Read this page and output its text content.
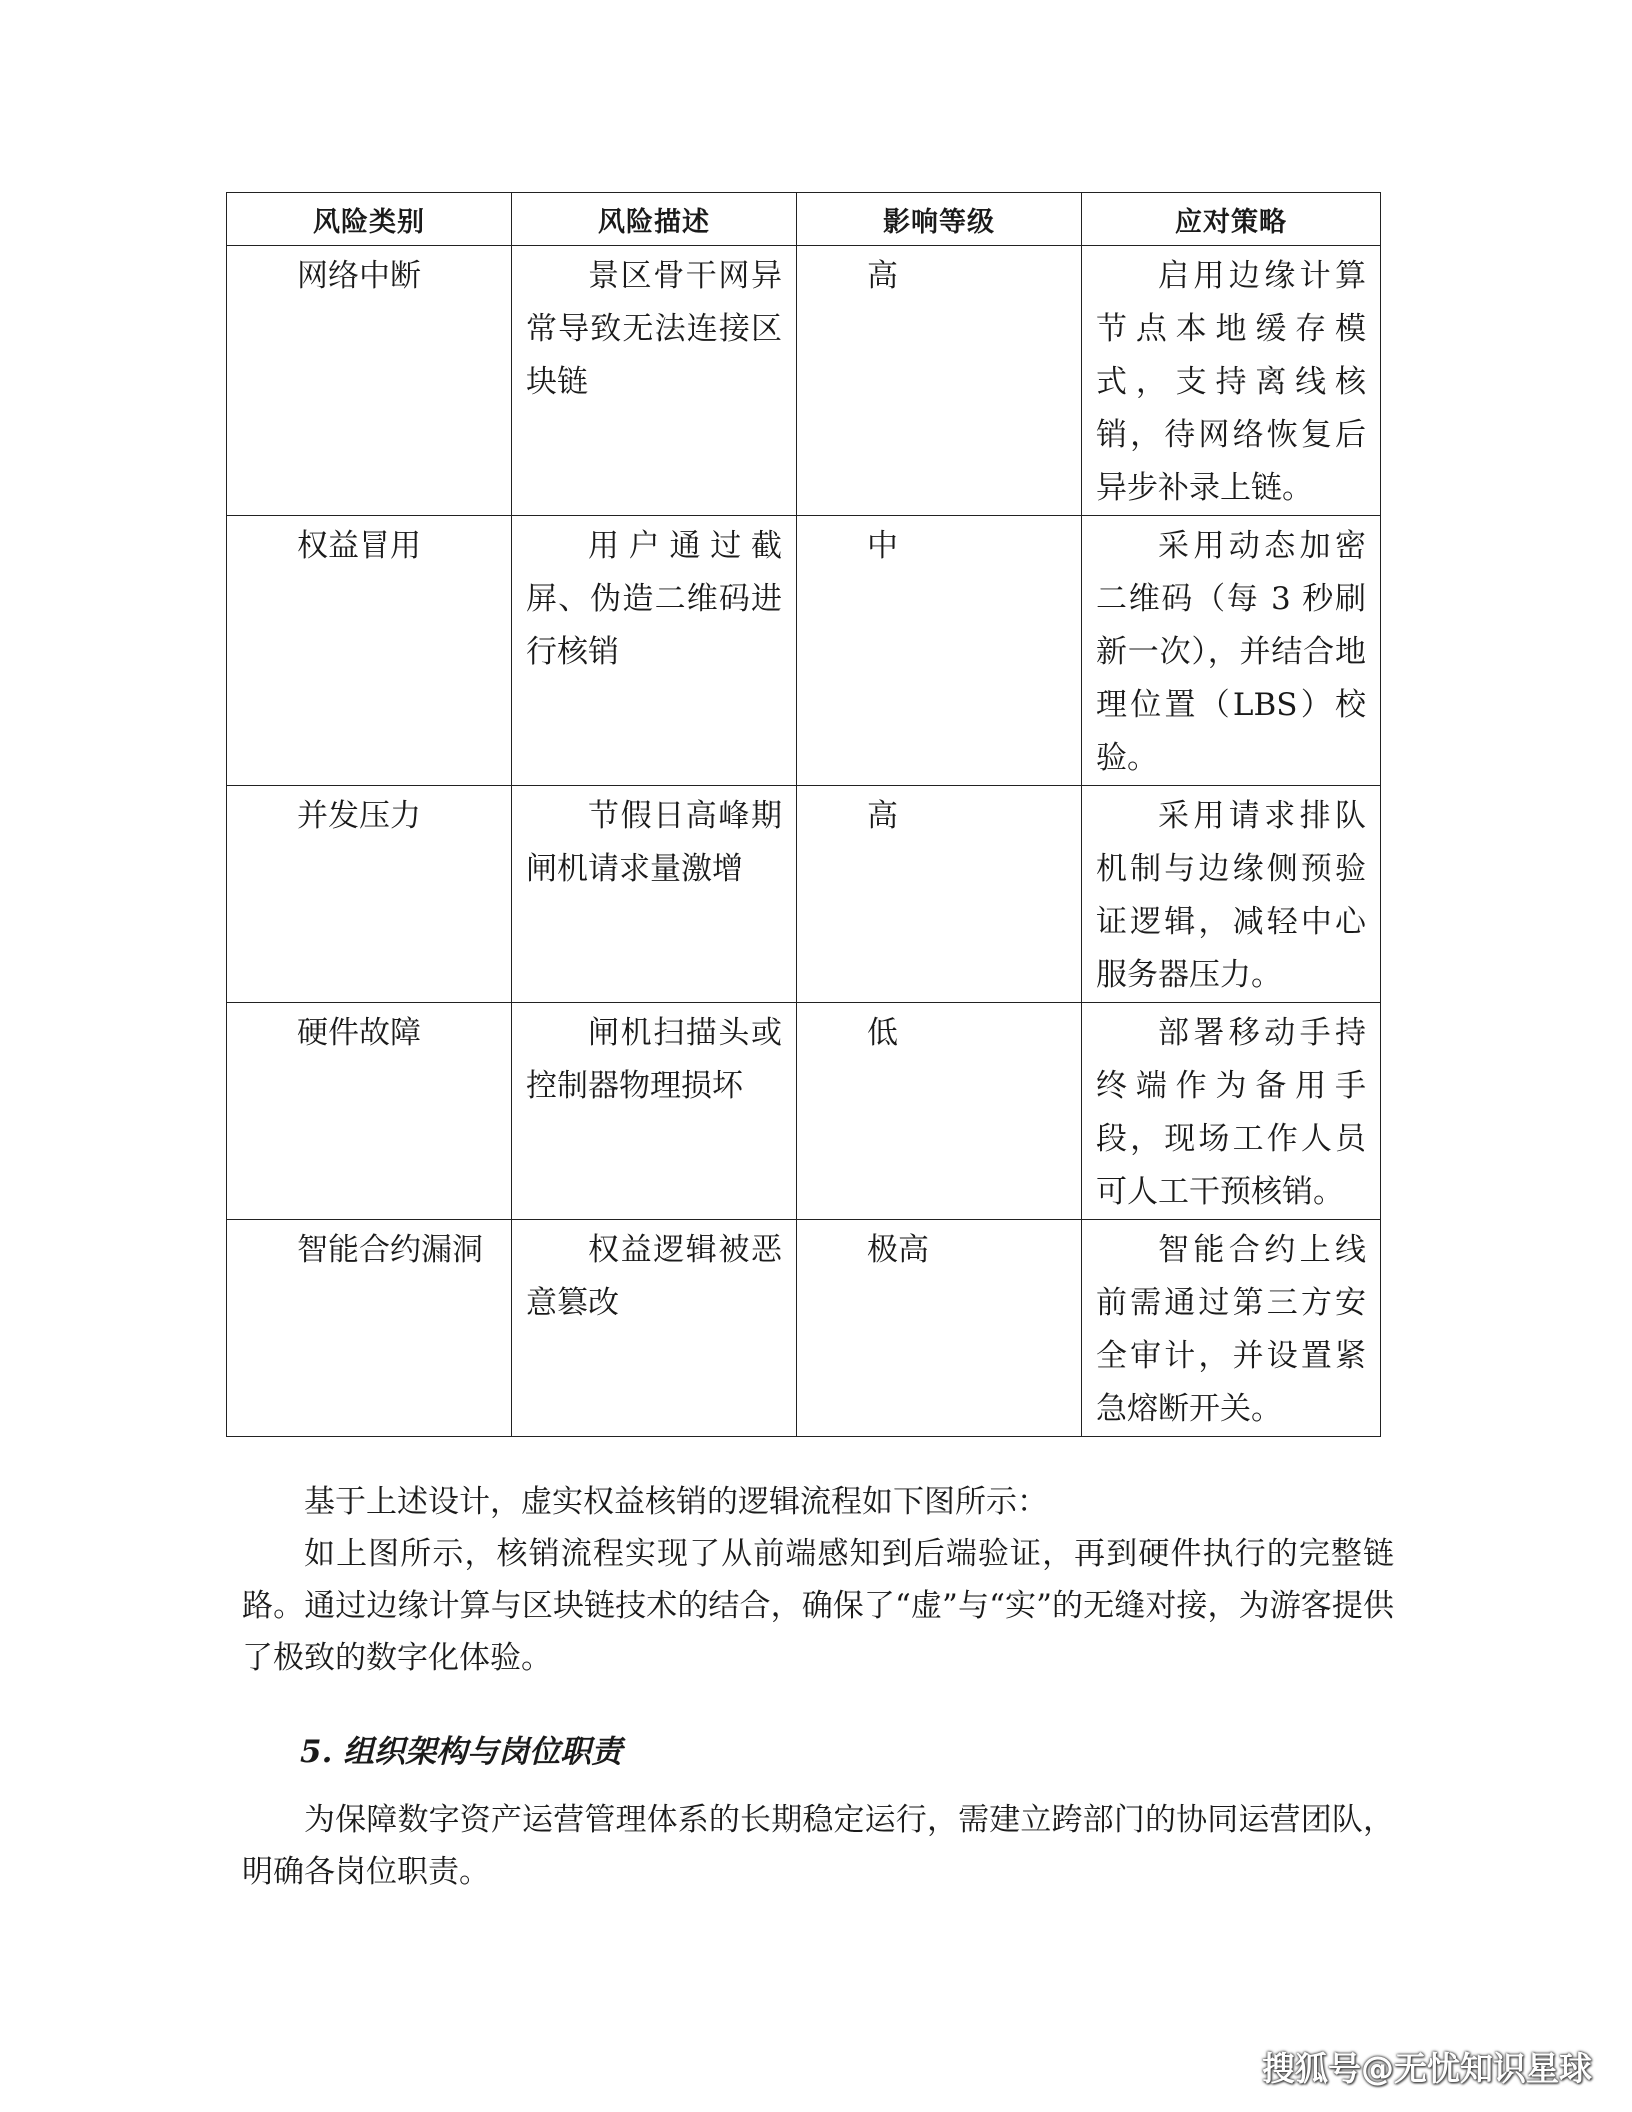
风险类别	风险描述	影响等级	应对策略
网络中断	景区骨干网异常导致无法连接区块链	高	启用边缘计算节点本地缓存模式，支持离线核销，待网络恢复后异步补录上链。
权益冒用	用户通过截屏、伪造二维码进行核销	中	采用动态加密二维码（每 3 秒刷新一次），并结合地理位置（LBS）校验。
并发压力	节假日高峰期闸机请求量激增	高	采用请求排队机制与边缘侧预验证逻辑，减轻中心服务器压力。
硬件故障	闸机扫描头或控制器物理损坏	低	部署移动手持终端作为备用手段，现场工作人员可人工干预核销。
智能合约漏洞	权益逻辑被恶意篡改	极高	智能合约上线前需通过第三方安全审计，并设置紧急熔断开关。
基于上述设计，虚实权益核销的逻辑流程如下图所示：
如上图所示，核销流程实现了从前端感知到后端验证，再到硬件执行的完整链路。通过边缘计算与区块链技术的结合，确保了“虚”与“实”的无缝对接，为游客提供了极致的数字化体验。
5. 组织架构与岗位职责
为保障数字资产运营管理体系的长期稳定运行，需建立跨部门的协同运营团队，明确各岗位职责。
搜狐号@无忧知识星球
